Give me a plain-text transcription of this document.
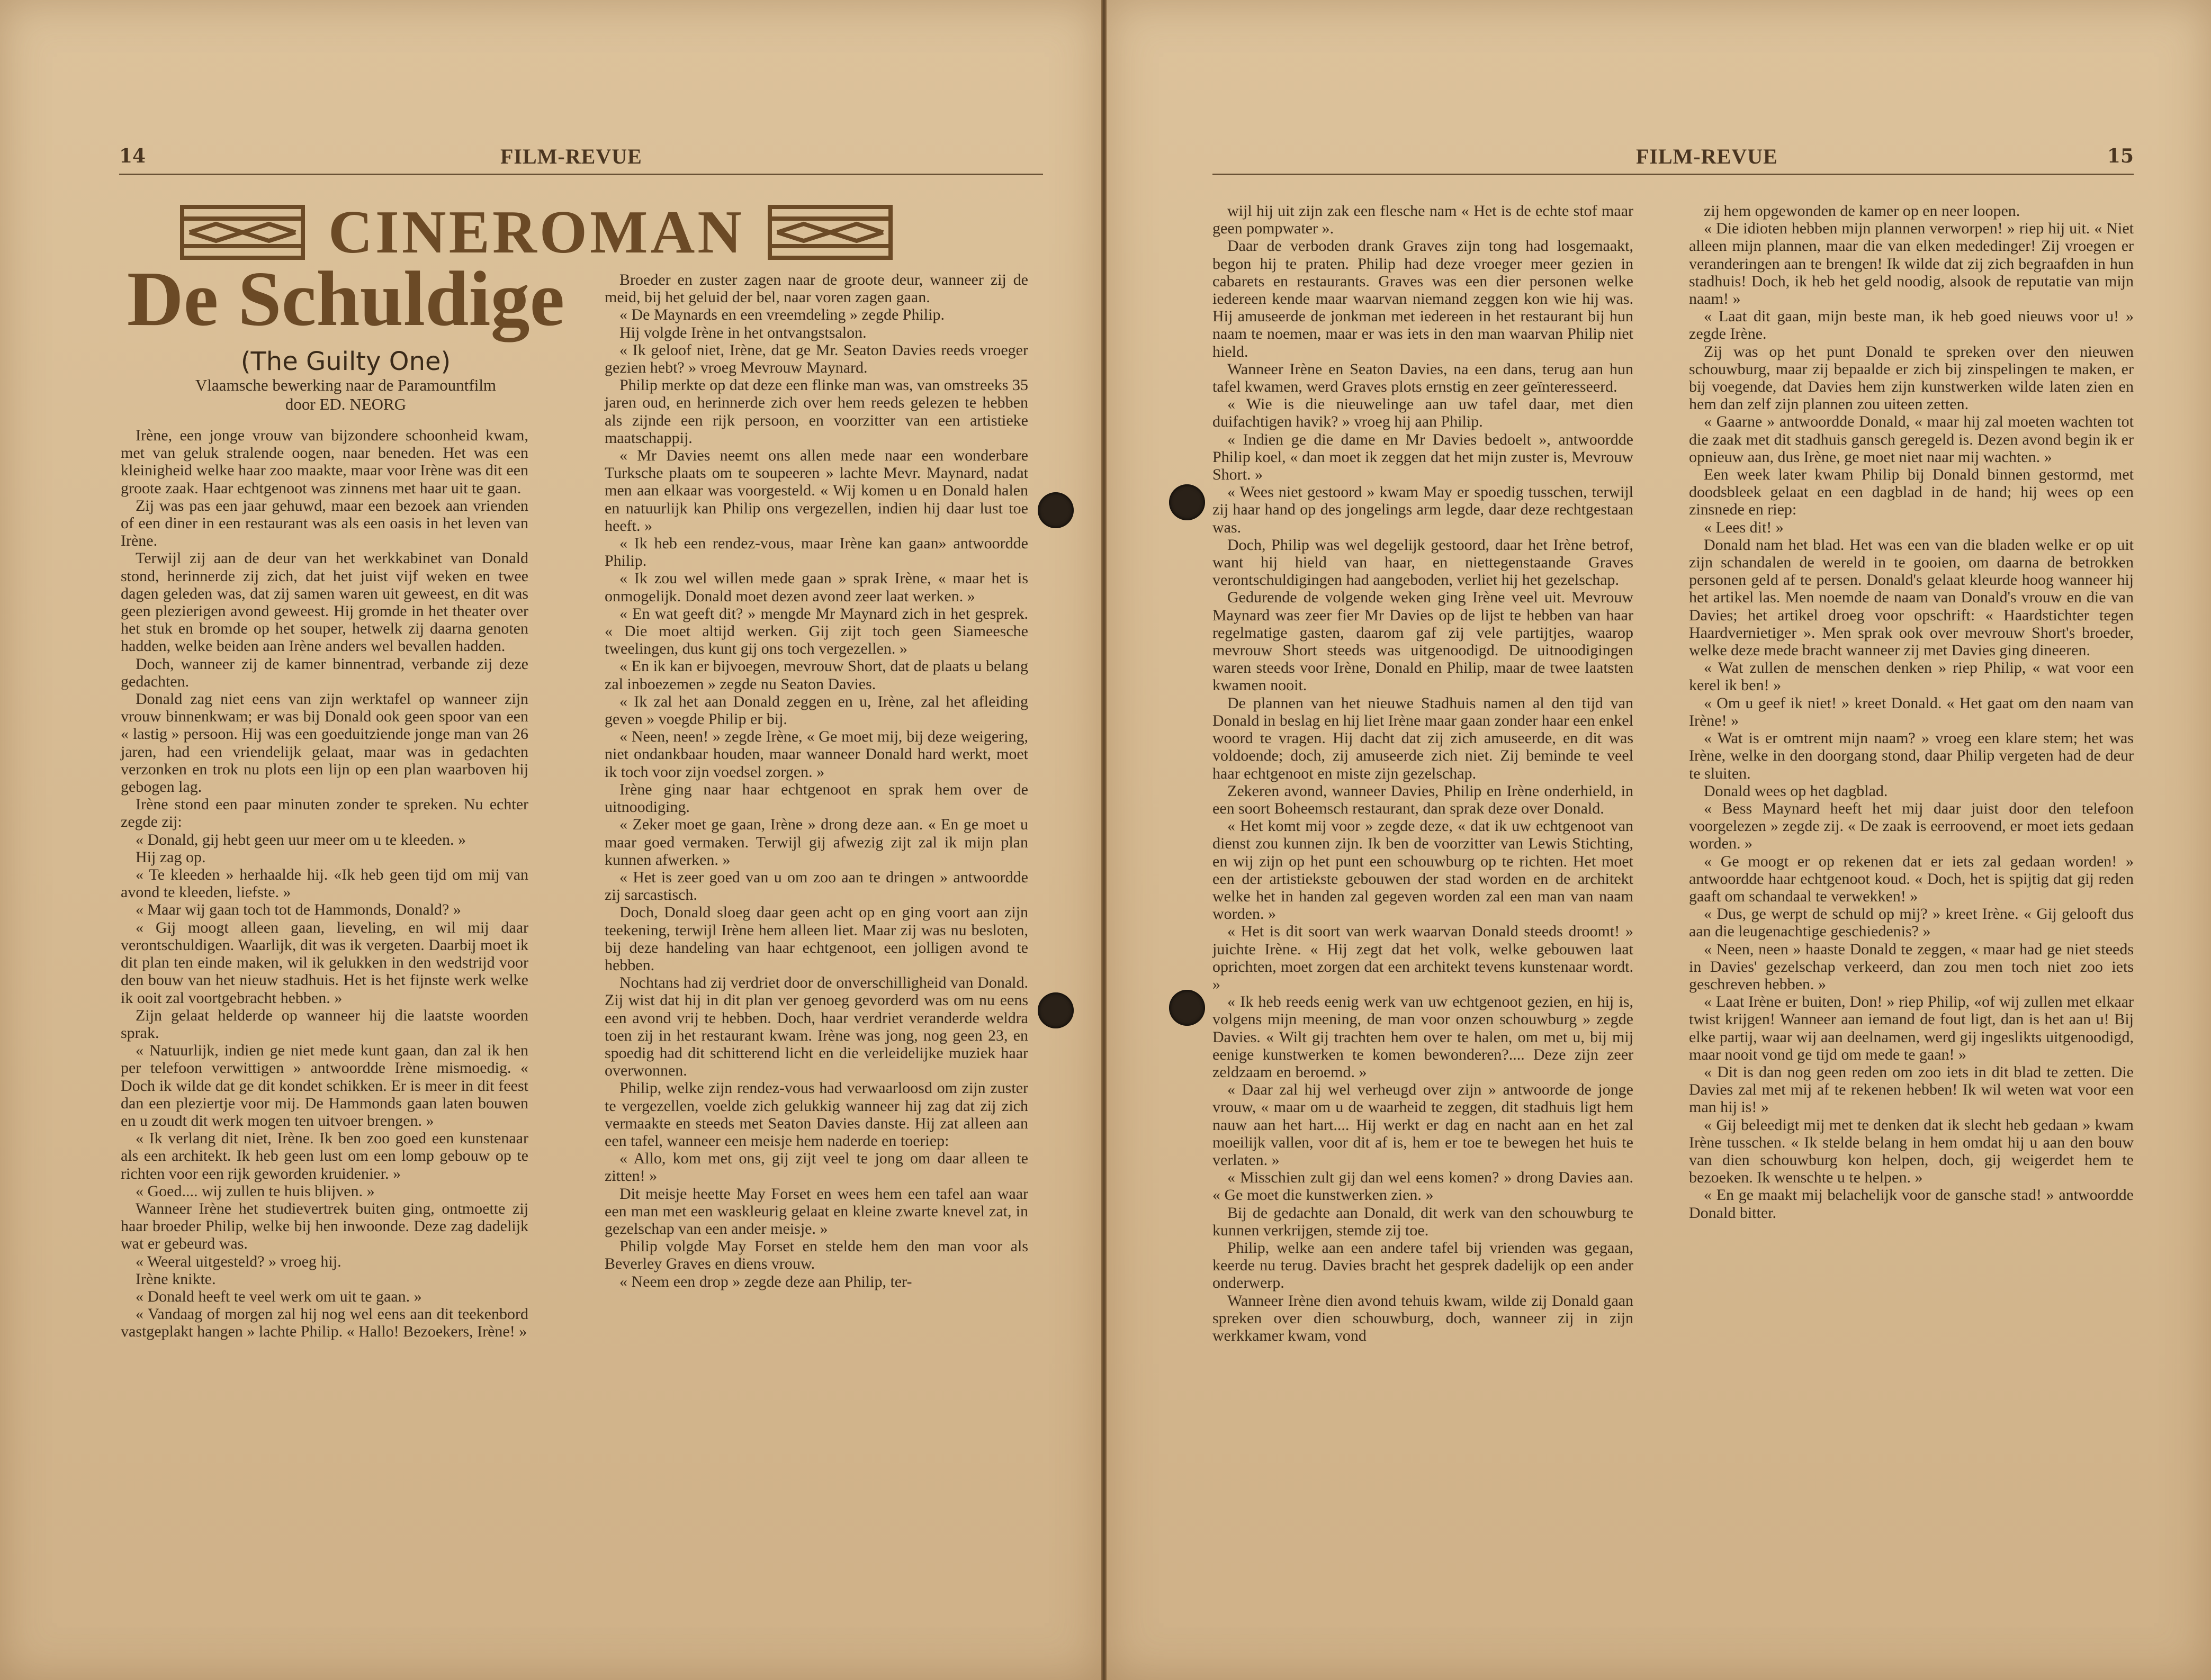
14	FILM-REVUE
CINEROMAN
De Schuldige
(The Guilty One)
Vlaamsche bewerking naar de Paramountfilm
door ED. NEORG

Irène, een jonge vrouw van bijzondere schoonheid kwam, met van geluk stralende oogen, naar beneden. Het was een kleinigheid welke haar zoo maakte, maar voor Irène was dit een groote zaak. Haar echtgenoot was zinnens met haar uit te gaan.

Zij was pas een jaar gehuwd, maar een bezoek aan vrienden of een diner in een restaurant was als een oasis in het leven van Irène.

Terwijl zij aan de deur van het werkkabinet van Donald stond, herinnerde zij zich, dat het juist vijf weken en twee dagen geleden was, dat zij samen waren uit geweest, en dit was geen plezierigen avond geweest. Hij gromde in het theater over het stuk en bromde op het souper, hetwelk zij daarna genoten hadden, welke beiden aan Irène anders wel bevallen hadden.

Doch, wanneer zij de kamer binnentrad, verbande zij deze gedachten.

Donald zag niet eens van zijn werktafel op wanneer zijn vrouw binnenkwam; er was bij Donald ook geen spoor van een « lastig » persoon. Hij was een goeduitziende jonge man van 26 jaren, had een vriendelijk gelaat, maar was in gedachten verzonken en trok nu plots een lijn op een plan waarboven hij gebogen lag.

Irène stond een paar minuten zonder te spreken. Nu echter zegde zij:

« Donald, gij hebt geen uur meer om u te kleeden. »

Hij zag op.

« Te kleeden » herhaalde hij. «Ik heb geen tijd om mij van avond te kleeden, liefste. »

« Maar wij gaan toch tot de Hammonds, Donald? »

« Gij moogt alleen gaan, lieveling, en wil mij daar verontschuldigen. Waarlijk, dit was ik vergeten. Daarbij moet ik dit plan ten einde maken, wil ik gelukken in den wedstrijd voor den bouw van het nieuw stadhuis. Het is het fijnste werk welke ik ooit zal voortgebracht hebben. »

Zijn gelaat helderde op wanneer hij die laatste woorden sprak.

« Natuurlijk, indien ge niet mede kunt gaan, dan zal ik hen per telefoon verwittigen » antwoordde Irène mismoedig. « Doch ik wilde dat ge dit kondet schikken. Er is meer in dit feest dan een pleziertje voor mij. De Hammonds gaan laten bouwen en u zoudt dit werk mogen ten uitvoer brengen. »

« Ik verlang dit niet, Irène. Ik ben zoo goed een kunstenaar als een architekt. Ik heb geen lust om een lomp gebouw op te richten voor een rijk geworden kruidenier. »

« Goed.... wij zullen te huis blijven. »

Wanneer Irène het studievertrek buiten ging, ontmoette zij haar broeder Philip, welke bij hen inwoonde. Deze zag dadelijk wat er gebeurd was.

« Weeral uitgesteld? » vroeg hij.

Irène knikte.

« Donald heeft te veel werk om uit te gaan. »

« Vandaag of morgen zal hij nog wel eens aan dit teekenbord vastgeplakt hangen » lachte Philip. « Hallo! Bezoekers, Irène! »

Broeder en zuster zagen naar de groote deur, wanneer zij de meid, bij het geluid der bel, naar voren zagen gaan.

« De Maynards en een vreemdeling » zegde Philip.

Hij volgde Irène in het ontvangstsalon.

« Ik geloof niet, Irène, dat ge Mr. Seaton Davies reeds vroeger gezien hebt? » vroeg Mevrouw Maynard.

Philip merkte op dat deze een flinke man was, van omstreeks 35 jaren oud, en herinnerde zich over hem reeds gelezen te hebben als zijnde een rijk persoon, en voorzitter van een artistieke maatschappij.

« Mr Davies neemt ons allen mede naar een wonderbare Turksche plaats om te soupeeren » lachte Mevr. Maynard, nadat men aan elkaar was voorgesteld. « Wij komen u en Donald halen en natuurlijk kan Philip ons vergezellen, indien hij daar lust toe heeft. »

« Ik heb een rendez-vous, maar Irène kan gaan» antwoordde Philip.

« Ik zou wel willen mede gaan » sprak Irène, « maar het is onmogelijk. Donald moet dezen avond zeer laat werken. »

« En wat geeft dit? » mengde Mr Maynard zich in het gesprek. « Die moet altijd werken. Gij zijt toch geen Siameesche tweelingen, dus kunt gij ons toch vergezellen. »

« En ik kan er bijvoegen, mevrouw Short, dat de plaats u belang zal inboezemen » zegde nu Seaton Davies.

« Ik zal het aan Donald zeggen en u, Irène, zal het afleiding geven » voegde Philip er bij.

« Neen, neen! » zegde Irène, « Ge moet mij, bij deze weigering, niet ondankbaar houden, maar wanneer Donald hard werkt, moet ik toch voor zijn voedsel zorgen. »

Irène ging naar haar echtgenoot en sprak hem over de uitnoodiging.

« Zeker moet ge gaan, Irène » drong deze aan. « En ge moet u maar goed vermaken. Terwijl gij afwezig zijt zal ik mijn plan kunnen afwerken. »

« Het is zeer goed van u om zoo aan te dringen » antwoordde zij sarcastisch.

Doch, Donald sloeg daar geen acht op en ging voort aan zijn teekening, terwijl Irène hem alleen liet. Maar zij was nu besloten, bij deze handeling van haar echtgenoot, een jolligen avond te hebben.

Nochtans had zij verdriet door de onverschilligheid van Donald. Zij wist dat hij in dit plan ver genoeg gevorderd was om nu eens een avond vrij te hebben. Doch, haar verdriet veranderde weldra toen zij in het restaurant kwam. Irène was jong, nog geen 23, en spoedig had dit schitterend licht en die verleidelijke muziek haar overwonnen.

Philip, welke zijn rendez-vous had verwaarloosd om zijn zuster te vergezellen, voelde zich gelukkig wanneer hij zag dat zij zich vermaakte en steeds met Seaton Davies danste. Hij zat alleen aan een tafel, wanneer een meisje hem naderde en toeriep:

« Allo, kom met ons, gij zijt veel te jong om daar alleen te zitten! »

Dit meisje heette May Forset en wees hem een tafel aan waar een man met een waskleurig gelaat en kleine zwarte knevel zat, in gezelschap van een ander meisje. »

Philip volgde May Forset en stelde hem den man voor als Beverley Graves en diens vrouw.

« Neem een drop » zegde deze aan Philip, ter-

FILM-REVUE	15

wijl hij uit zijn zak een flesche nam « Het is de echte stof maar geen pompwater ».

Daar de verboden drank Graves zijn tong had losgemaakt, begon hij te praten. Philip had deze vroeger meer gezien in cabarets en restaurants. Graves was een dier personen welke iedereen kende maar waarvan niemand zeggen kon wie hij was. Hij amuseerde de jonkman met iedereen in het restaurant bij hun naam te noemen, maar er was iets in den man waarvan Philip niet hield.

Wanneer Irène en Seaton Davies, na een dans, terug aan hun tafel kwamen, werd Graves plots ernstig en zeer geïnteresseerd.

« Wie is die nieuwelinge aan uw tafel daar, met dien duifachtigen havik? » vroeg hij aan Philip.

« Indien ge die dame en Mr Davies bedoelt », antwoordde Philip koel, « dan moet ik zeggen dat het mijn zuster is, Mevrouw Short. »

« Wees niet gestoord » kwam May er spoedig tusschen, terwijl zij haar hand op des jongelings arm legde, daar deze rechtgestaan was.

Doch, Philip was wel degelijk gestoord, daar het Irène betrof, want hij hield van haar, en niettegenstaande Graves verontschuldigingen had aangeboden, verliet hij het gezelschap.

Gedurende de volgende weken ging Irène veel uit. Mevrouw Maynard was zeer fier Mr Davies op de lijst te hebben van haar regelmatige gasten, daarom gaf zij vele partijtjes, waarop mevrouw Short steeds was uitgenoodigd. De uitnoodigingen waren steeds voor Irène, Donald en Philip, maar de twee laatsten kwamen nooit.

De plannen van het nieuwe Stadhuis namen al den tijd van Donald in beslag en hij liet Irène maar gaan zonder haar een enkel woord te vragen. Hij dacht dat zij zich amuseerde, en dit was voldoende; doch, zij amuseerde zich niet. Zij beminde te veel haar echtgenoot en miste zijn gezelschap.

Zekeren avond, wanneer Davies, Philip en Irène onderhield, in een soort Boheemsch restaurant, dan sprak deze over Donald.

« Het komt mij voor » zegde deze, « dat ik uw echtgenoot van dienst zou kunnen zijn. Ik ben de voorzitter van Lewis Stichting, en wij zijn op het punt een schouwburg op te richten. Het moet een der artistiekste gebouwen der stad worden en de architekt welke het in handen zal gegeven worden zal een man van naam worden. »

« Het is dit soort van werk waarvan Donald steeds droomt! » juichte Irène. « Hij zegt dat het volk, welke gebouwen laat oprichten, moet zorgen dat een architekt tevens kunstenaar wordt. »

« Ik heb reeds eenig werk van uw echtgenoot gezien, en hij is, volgens mijn meening, de man voor onzen schouwburg » zegde Davies. « Wilt gij trachten hem over te halen, om met u, bij mij eenige kunstwerken te komen bewonderen?.... Deze zijn zeer zeldzaam en beroemd. »

« Daar zal hij wel verheugd over zijn » antwoorde de jonge vrouw, « maar om u de waarheid te zeggen, dit stadhuis ligt hem nauw aan het hart.... Hij werkt er dag en nacht aan en het zal moeilijk vallen, voor dit af is, hem er toe te bewegen het huis te verlaten. »

« Misschien zult gij dan wel eens komen? » drong Davies aan. « Ge moet die kunstwerken zien. »

Bij de gedachte aan Donald, dit werk van den schouwburg te kunnen verkrijgen, stemde zij toe.

Philip, welke aan een andere tafel bij vrienden was gegaan, keerde nu terug. Davies bracht het gesprek dadelijk op een ander onderwerp.

Wanneer Irène dien avond tehuis kwam, wilde zij Donald gaan spreken over dien schouwburg, doch, wanneer zij in zijn werkkamer kwam, vond

zij hem opgewonden de kamer op en neer loopen.

« Die idioten hebben mijn plannen verworpen! » riep hij uit. « Niet alleen mijn plannen, maar die van elken mededinger! Zij vroegen er veranderingen aan te brengen! Ik wilde dat zij zich begraafden in hun stadhuis! Doch, ik heb het geld noodig, alsook de reputatie van mijn naam! »

« Laat dit gaan, mijn beste man, ik heb goed nieuws voor u! » zegde Irène.

Zij was op het punt Donald te spreken over den nieuwen schouwburg, maar zij bepaalde er zich bij zinspelingen te maken, er bij voegende, dat Davies hem zijn kunstwerken wilde laten zien en hem dan zelf zijn plannen zou uiteen zetten.

« Gaarne » antwoordde Donald, « maar hij zal moeten wachten tot die zaak met dit stadhuis gansch geregeld is. Dezen avond begin ik er opnieuw aan, dus Irène, ge moet niet naar mij wachten. »

Een week later kwam Philip bij Donald binnen gestormd, met doodsbleek gelaat en een dagblad in de hand; hij wees op een zinsnede en riep:

« Lees dit! »

Donald nam het blad. Het was een van die bladen welke er op uit zijn schandalen de wereld in te gooien, om daarna de betrokken personen geld af te persen. Donald's gelaat kleurde hoog wanneer hij het artikel las. Men noemde de naam van Donald's vrouw en die van Davies; het artikel droeg voor opschrift: « Haardstichter tegen Haardvernietiger ». Men sprak ook over mevrouw Short's broeder, welke deze mede bracht wanneer zij met Davies ging dineeren.

« Wat zullen de menschen denken » riep Philip, « wat voor een kerel ik ben! »

« Om u geef ik niet! » kreet Donald. « Het gaat om den naam van Irène! »

« Wat is er omtrent mijn naam? » vroeg een klare stem; het was Irène, welke in den doorgang stond, daar Philip vergeten had de deur te sluiten.

Donald wees op het dagblad.

« Bess Maynard heeft het mij daar juist door den telefoon voorgelezen » zegde zij. « De zaak is eerroovend, er moet iets gedaan worden. »

« Ge moogt er op rekenen dat er iets zal gedaan worden! » antwoordde haar echtgenoot koud. « Doch, het is spijtig dat gij reden gaaft om schandaal te verwekken! »

« Dus, ge werpt de schuld op mij? » kreet Irène. « Gij gelooft dus aan die leugenachtige geschiedenis? »

« Neen, neen » haaste Donald te zeggen, « maar had ge niet steeds in Davies' gezelschap verkeerd, dan zou men toch niet zoo iets geschreven hebben. »

« Laat Irène er buiten, Don! » riep Philip, «of wij zullen met elkaar twist krijgen! Wanneer aan iemand de fout ligt, dan is het aan u! Bij elke partij, waar wij aan deelnamen, werd gij ingeslikts uitgenoodigd, maar nooit vond ge tijd om mede te gaan! »

« Dit is dan nog geen reden om zoo iets in dit blad te zetten. Die Davies zal met mij af te rekenen hebben! Ik wil weten wat voor een man hij is! »

« Gij beleedigt mij met te denken dat ik slecht heb gedaan » kwam Irène tusschen. « Ik stelde belang in hem omdat hij u aan den bouw van dien schouwburg kon helpen, doch, gij weigerdet hem te bezoeken. Ik wenschte u te helpen. »

« En ge maakt mij belachelijk voor de gansche stad! » antwoordde Donald bitter.
